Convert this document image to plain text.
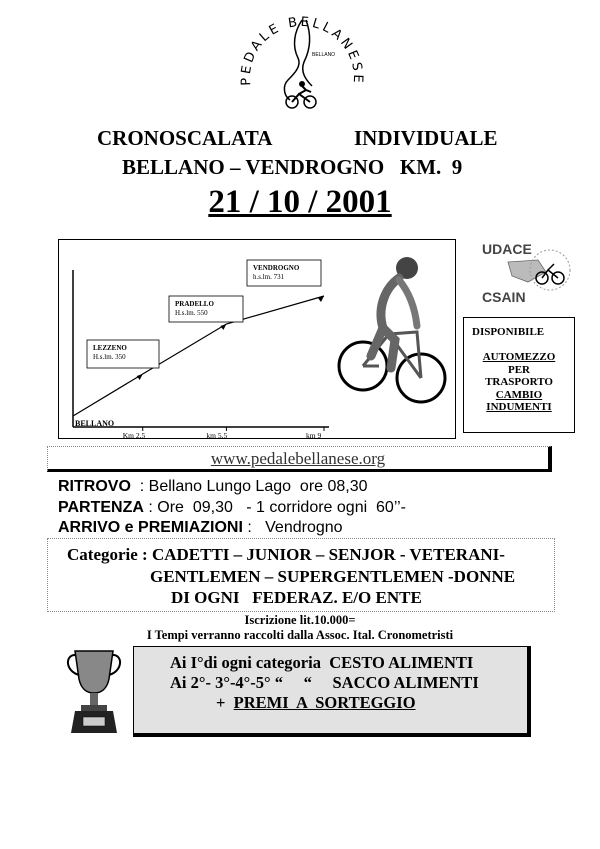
PEDALE BELLANESE
BELLANO
CRONOSCALATA	INDIVIDUALE
BELLANO – VENDROGNO   KM.  9
21 / 10 / 2001
BELLANO
LEZZENO
H.s.lm. 350
PRADELLO
H.s.lm. 550
VENDROGNO
h.s.lm. 731
Km 2,5	km 5,5	km 9
UDACE
CSAIN
DISPONIBILE
AUTOMEZZO
PER
TRASPORTO
CAMBIO
INDUMENTI
www.pedalebellanese.org
RITROVO  : Bellano Lungo Lago  ore 08,30
PARTENZA : Ore  09,30   - 1 corridore ogni  60’’-
ARRIVO e PREMIAZIONI :   Vendrogno
Categorie : CADETTI – JUNIOR – SENJOR - VETERANI-
GENTLEMEN – SUPERGENTLEMEN -DONNE
DI OGNI   FEDERAZ. E/O ENTE
Iscrizione lit.10.000=
I Tempi verranno raccolti dalla Assoc. Ital. Cronometristi
Ai I°di ogni categoria  CESTO ALIMENTI
Ai 2°- 3°-4°-5° “     “     SACCO ALIMENTI
+  PREMI  A  SORTEGGIO
